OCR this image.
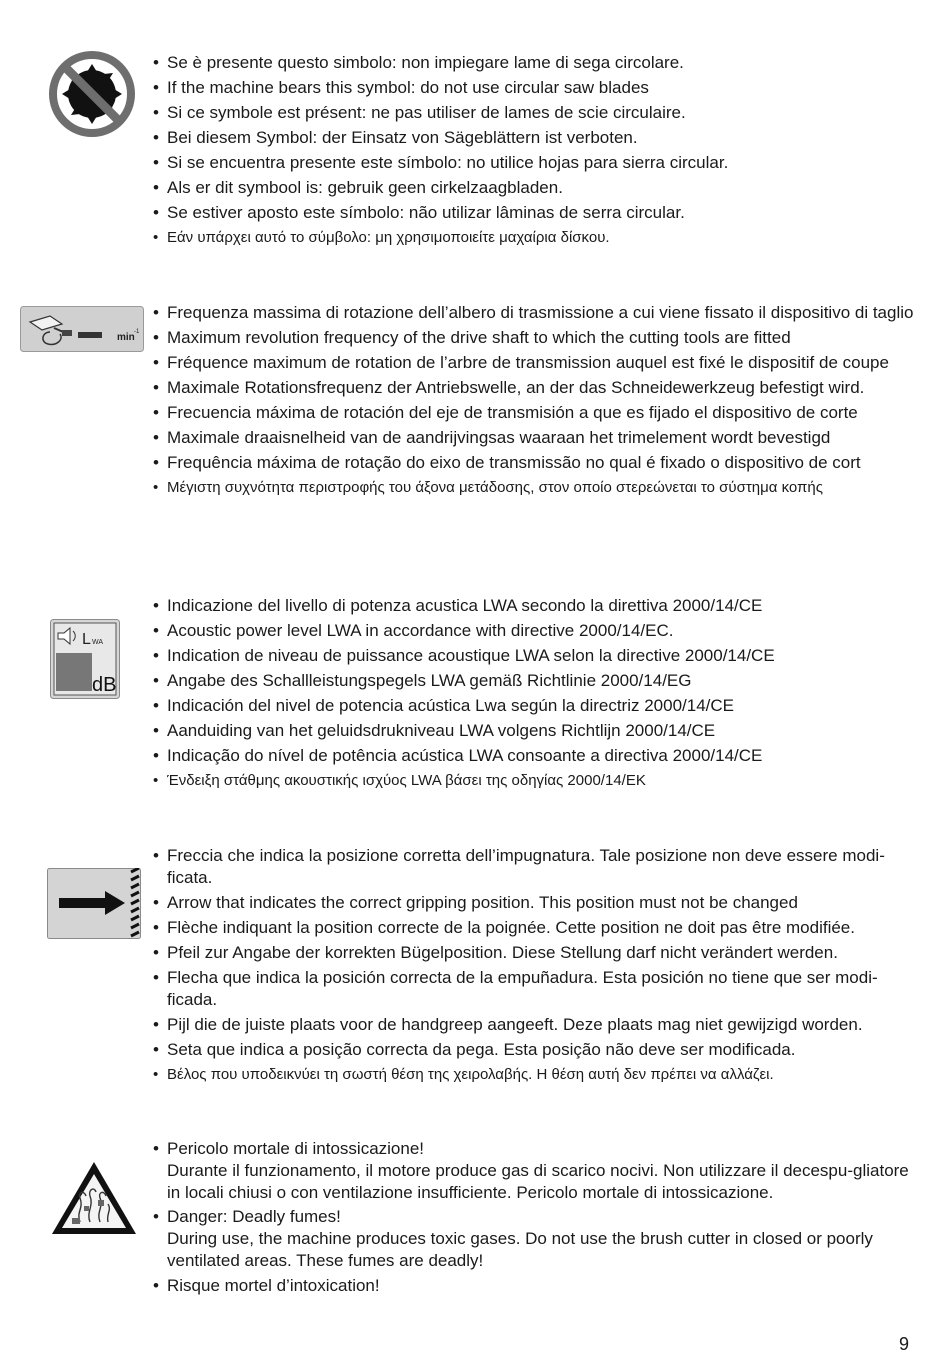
• Se è presente questo simbolo: non impiegare lame di sega circolare.
• If the machine bears this symbol: do not use circular saw blades
• Si ce symbole est présent: ne pas utiliser de lames de scie circulaire.
• Bei diesem Symbol: der Einsatz von Sägeblättern ist verboten.
• Si se encuentra presente este símbolo: no utilice hojas para sierra circular.
• Als er dit symbool is: gebruik geen cirkelzaagbladen.
• Se estiver aposto este símbolo: não utilizar lâminas de serra circular.
• Εάν υπάρχει αυτό το σύμβολο: μη χρησιμοποιείτε μαχαίρια δίσκου.
min -1
• Frequenza massima di rotazione dell’albero di trasmissione a cui viene fissato il dispositivo di taglio
• Maximum revolution frequency of the drive shaft to which the cutting tools are fitted
• Fréquence maximum de rotation de l’arbre de transmission auquel est fixé le dispositif de coupe
• Maximale Rotationsfrequenz der Antriebswelle, an der das Schneidewerkzeug befestigt wird.
• Frecuencia máxima de rotación del eje de transmisión a que es fijado el dispositivo de corte
• Maximale draaisnelheid van de aandrijvingsas waaraan het trimelement wordt bevestigd
• Frequência máxima de rotação do eixo de transmissão no qual é fixado o dispositivo de cort
• Μέγιστη συχνότητα περιστροφής του άξονα μετάδοσης, στον οποίο στερεώνεται το σύστημα κοπής
L WA
dB
• Indicazione del livello di potenza acustica LWA secondo la direttiva 2000/14/CE
• Acoustic power level LWA in accordance with directive 2000/14/EC.
• Indication de niveau de puissance acoustique LWA selon la directive 2000/14/CE
• Angabe des Schallleistungspegels LWA gemäß Richtlinie 2000/14/EG
• Indicación del nivel de potencia acústica Lwa según la directriz 2000/14/CE
• Aanduiding van het geluidsdrukniveau LWA volgens Richtlijn 2000/14/CE
• Indicação do nível de potência acústica LWA consoante a directiva 2000/14/CE
• Ένδειξη στάθμης ακουστικής ισχύος LWA βάσει της οδηγίας 2000/14/ΕΚ
• Freccia che indica la posizione corretta dell’impugnatura. Tale posizione non deve essere modi-ficata.
• Arrow that indicates the correct gripping position. This position must not be changed
• Flèche indiquant la position correcte de la poignée. Cette position ne doit pas être modifiée.
• Pfeil zur Angabe der korrekten Bügelposition. Diese Stellung darf nicht verändert werden.
• Flecha que indica la posición correcta de la empuñadura. Esta posición no tiene que ser modi-ficada.
• Pijl die de juiste plaats voor de handgreep aangeeft. Deze plaats mag niet gewijzigd worden.
• Seta que indica a posição correcta da pega. Esta posição não deve ser modificada.
• Βέλος που υποδεικνύει τη σωστή θέση της χειρολαβής. Η θέση αυτή δεν πρέπει να αλλάζει.
• Pericolo mortale di intossicazione!
Durante il funzionamento, il motore produce gas di scarico nocivi. Non utilizzare il decespu-gliatore in locali chiusi o con ventilazione insufficiente. Pericolo mortale di intossicazione.
• Danger: Deadly fumes!
During use, the machine produces toxic gases. Do not use the brush cutter in closed or poorly ventilated areas. These fumes are deadly!
• Risque mortel d’intoxication!
9
